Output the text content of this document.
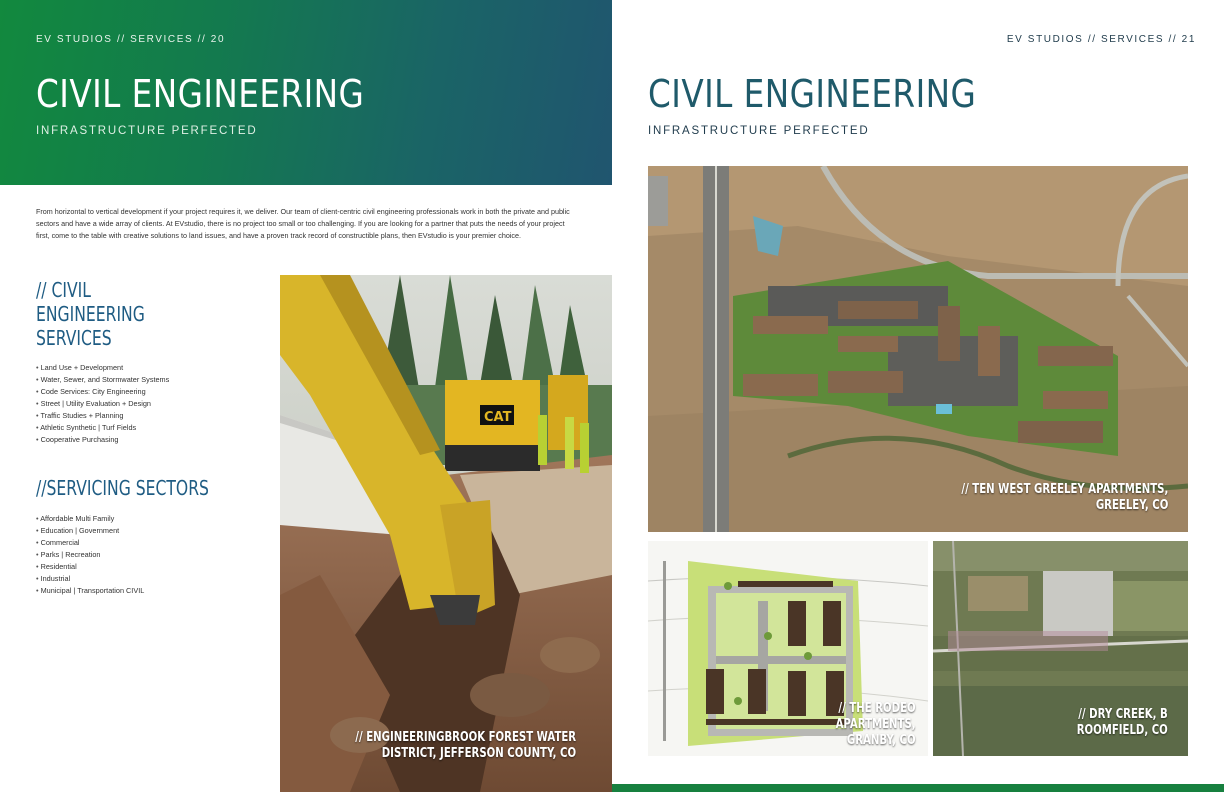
EV STUDIOS // SERVICES // 20
CIVIL ENGINEERING
INFRASTRUCTURE PERFECTED
From horizontal to vertical development if your project requires it, we deliver. Our team of client-centric civil engineering professionals work in both the private and public sectors and have a wide array of clients. At EVstudio, there is no project too small or too challenging. If you are looking for a partner that puts the needs of your project first, come to the table with creative solutions to land issues, and have a proven track record of constructible plans, then EVstudio is your premier choice.
// CIVIL
ENGINEERING
SERVICES
• Land Use + Development
• Water, Sewer, and Stormwater Systems
• Code Services: City Engineering
• Street | Utility Evaluation + Design
• Traffic Studies + Planning
• Athletic Synthetic | Turf Fields
• Cooperative Purchasing
//SERVICING SECTORS
• Affordable Multi Family
• Education | Government
• Commercial
• Parks | Recreation
• Residential
• Industrial
• Municipal | Transportation CIVIL
CAT
// ENGINEERINGBROOK FOREST WATER
DISTRICT, JEFFERSON COUNTY, CO
EV STUDIOS // SERVICES // 21
CIVIL ENGINEERING
INFRASTRUCTURE PERFECTED
// TEN WEST GREELEY APARTMENTS,
GREELEY, CO
// THE RODEO
APARTMENTS,
GRANBY, CO
// DRY CREEK, B
ROOMFIELD, CO
